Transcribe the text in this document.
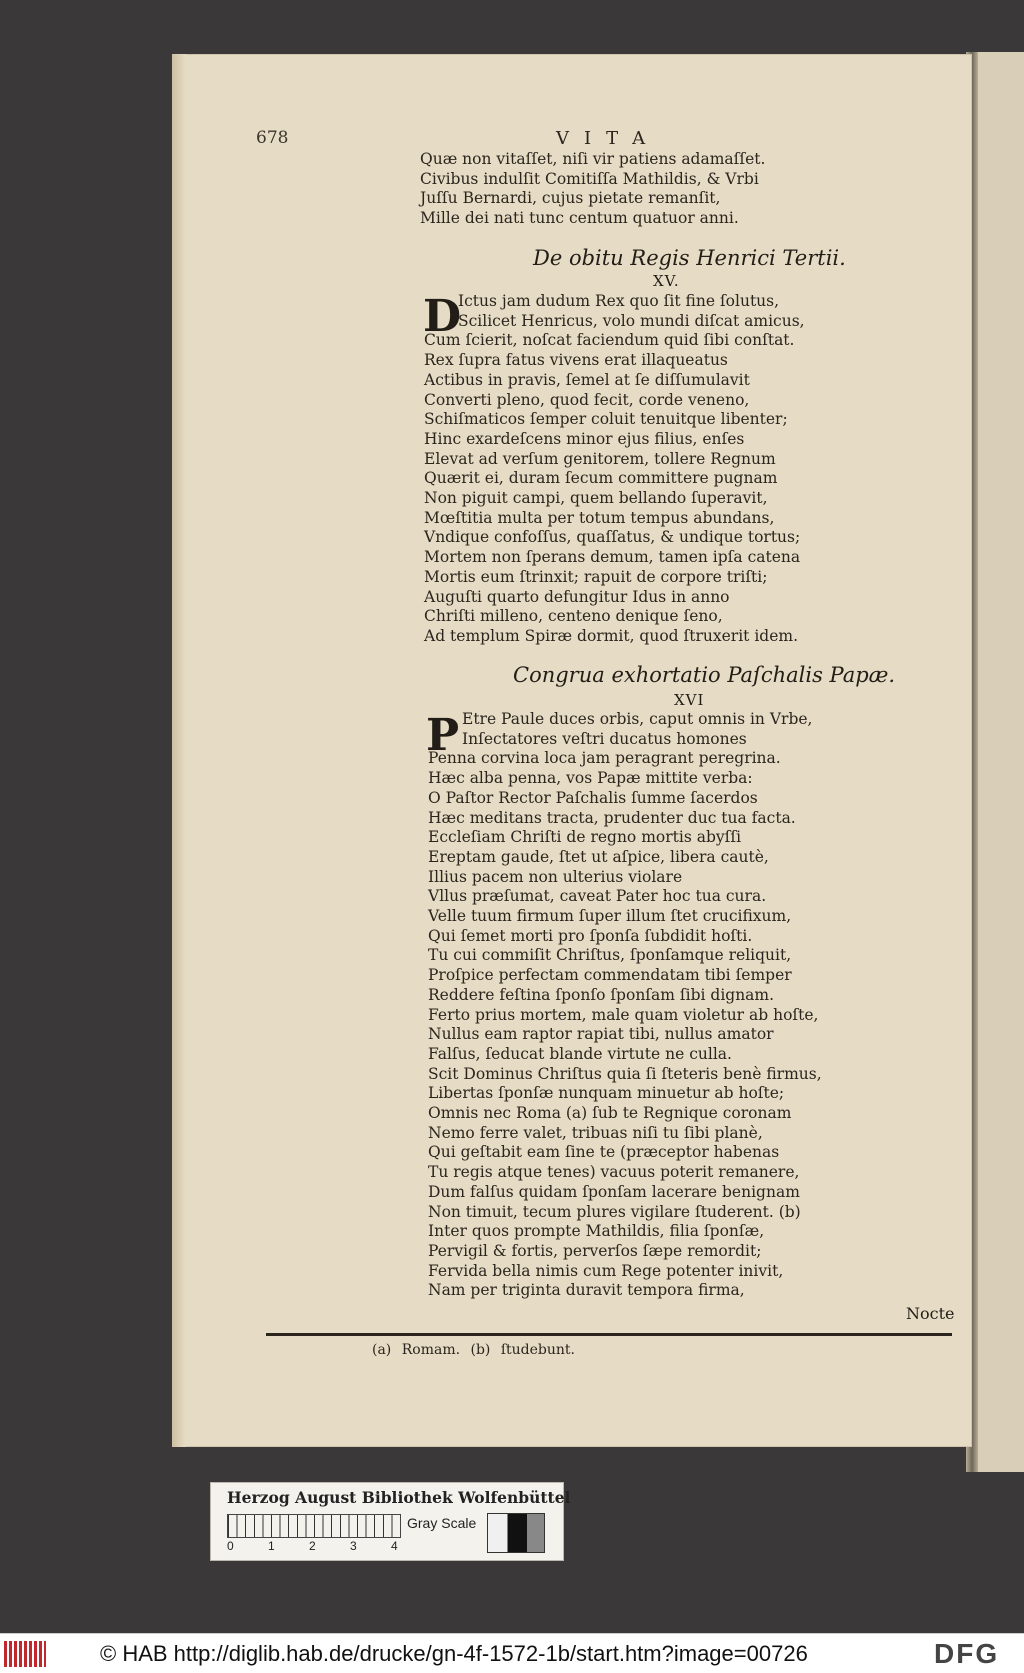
678	VITA
Quæ non vitaſſet, niſi vir patiens adamaſſet.
Civibus indulſit Comitiſſa Mathildis, & Vrbi
Juſſu Bernardi, cujus pietate remanſit,
Mille dei nati tunc centum quatuor anni.
De obitu Regis Henrici Tertii.
XV.
D
Ictus jam dudum Rex quo ſit fine ſolutus,
Scilicet Henricus, volo mundi diſcat amicus,
Cum ſcierit, noſcat faciendum quid ſibi conſtat.
Rex ſupra fatus vivens erat illaqueatus
Actibus in pravis, ſemel at ſe diſſumulavit
Converti pleno, quod fecit, corde veneno,
Schiſmaticos ſemper coluit tenuitque libenter;
Hinc exardeſcens minor ejus filius, enſes
Elevat ad verſum genitorem, tollere Regnum
Quærit ei, duram ſecum committere pugnam
Non piguit campi, quem bellando ſuperavit,
Mœſtitia multa per totum tempus abundans,
Vndique confoſſus, quaſſatus, & undique tortus;
Mortem non ſperans demum, tamen ipſa catena
Mortis eum ſtrinxit; rapuit de corpore triſti;
Auguſti quarto defungitur Idus in anno
Chriſti milleno, centeno denique ſeno,
Ad templum Spiræ dormit, quod ſtruxerit idem.
Congrua exhortatio Paſchalis Papæ.
XVI
P Etre Paule duces orbis, caput omnis in Vrbe,
Inſectatores veſtri ducatus homones
Penna corvina loca jam peragrant peregrina.
Hæc alba penna, vos Papæ mittite verba:
O Paſtor Rector Paſchalis ſumme ſacerdos
Hæc meditans tracta, prudenter duc tua facta.
Eccleſiam Chriſti de regno mortis abyſſi
Ereptam gaude, ſtet ut aſpice, libera cautè,
Illius pacem non ulterius violare
Vllus præſumat, caveat Pater hoc tua cura.
Velle tuum firmum ſuper illum ſtet crucifixum,
Qui ſemet morti pro ſponſa ſubdidit hoſti.
Tu cui commiſit Chriſtus, ſponſamque reliquit,
Proſpice perfectam commendatam tibi ſemper
Reddere feſtina ſponſo ſponſam ſibi dignam.
Ferto prius mortem, male quam violetur ab hoſte,
Nullus eam raptor rapiat tibi, nullus amator
Falſus, ſeducat blande virtute ne culla.
Scit Dominus Chriſtus quia ſi ſteteris benè firmus,
Libertas ſponſæ nunquam minuetur ab hoſte;
Omnis nec Roma (a) ſub te Regnique coronam
Nemo ferre valet, tribuas niſi tu ſibi planè,
Qui geſtabit eam ſine te (præceptor habenas
Tu regis atque tenes) vacuus poterit remanere,
Dum falſus quidam ſponſam lacerare benignam
Non timuit, tecum plures vigilare ſtuderent. (b)
Inter quos prompte Mathildis, filia ſponſæ,
Pervigil & fortis, perverſos ſæpe remordit;
Fervida bella nimis cum Rege potenter inivit,
Nam per triginta duravit tempora firma,
Nocte
(a) Romam. (b) ſtudebunt.
Herzog August Bibliothek Wolfenbüttel
0	1	2	3	4
Gray Scale
© HAB http://diglib.hab.de/drucke/gn-4f-1572-1b/start.htm?image=00726	DFG
